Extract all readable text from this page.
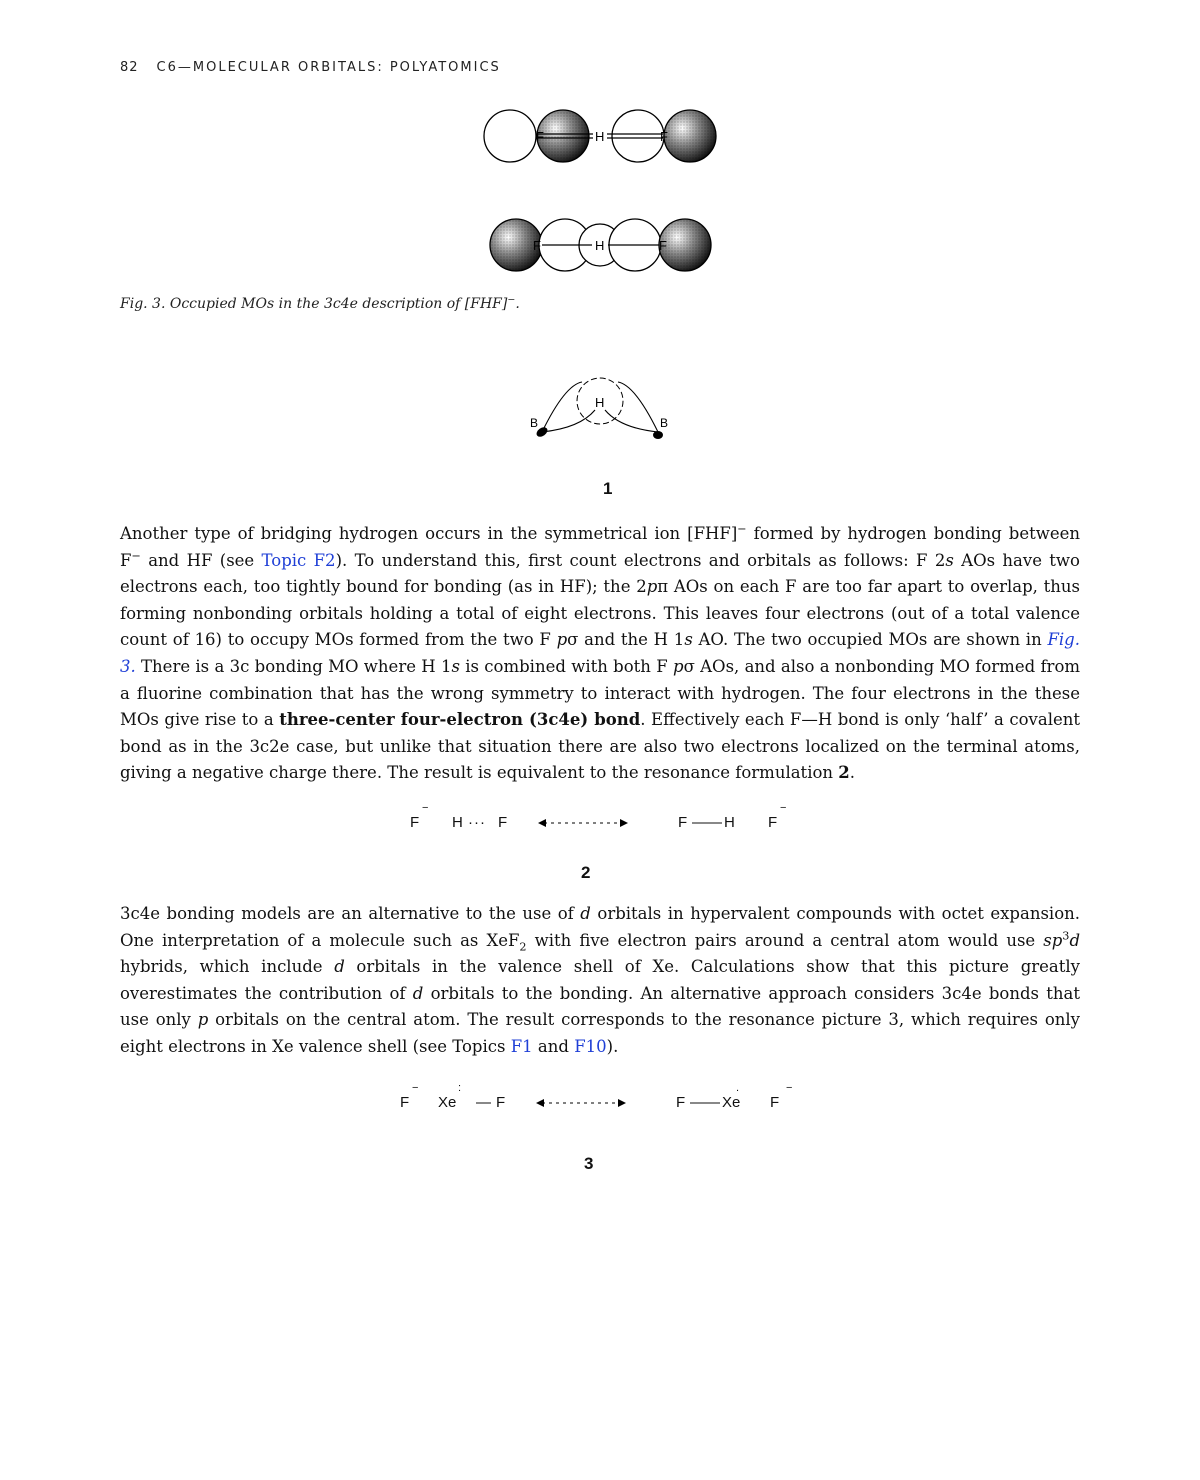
82 C6—MOLECULAR ORBITALS: POLYATOMICS
F	H	F
F	H	F
Fig. 3. Occupied MOs in the 3c4e description of [FHF]−.
B	B
H
1
Another type of bridging hydrogen occurs in the symmetrical ion [FHF]− formed by hydrogen bonding between F− and HF (see Topic F2). To understand this, first count electrons and orbitals as follows: F 2s AOs have two electrons each, too tightly bound for bonding (as in HF); the 2pπ AOs on each F are too far apart to overlap, thus forming nonbonding orbitals holding a total of eight electrons. This leaves four electrons (out of a total valence count of 16) to occupy MOs formed from the two F pσ and the H 1s AO. The two occupied MOs are shown in Fig. 3. There is a 3c bonding MO where H 1s is combined with both F pσ AOs, and also a nonbonding MO formed from a fluorine combination that has the wrong symmetry to interact with hydrogen. The four electrons in the these MOs give rise to a three-center four-electron (3c4e) bond. Effectively each F—H bond is only ‘half’ a covalent bond as in the 3c2e case, but unlike that situation there are also two electrons localized on the terminal atoms, giving a negative charge there. The result is equivalent to the resonance formulation 2.
F
−
H ··· F	F —— H F
−
2
3c4e bonding models are an alternative to the use of d orbitals in hypervalent compounds with octet expansion. One interpretation of a molecule such as XeF$_2$ with five electron pairs around a central atom would use $sp^3d$ hybrids, which include d orbitals in the valence shell of Xe. Calculations show that this picture greatly overestimates the contribution of d orbitals to the bonding. An alternative approach considers 3c4e bonds that use only p orbitals on the central atom. The result corresponds to the resonance picture 3, which requires only eight electrons in Xe valence shell (see Topics F1 and F10).
F
−
Xe
:
— F	F —— Xe
.
F
−
3
